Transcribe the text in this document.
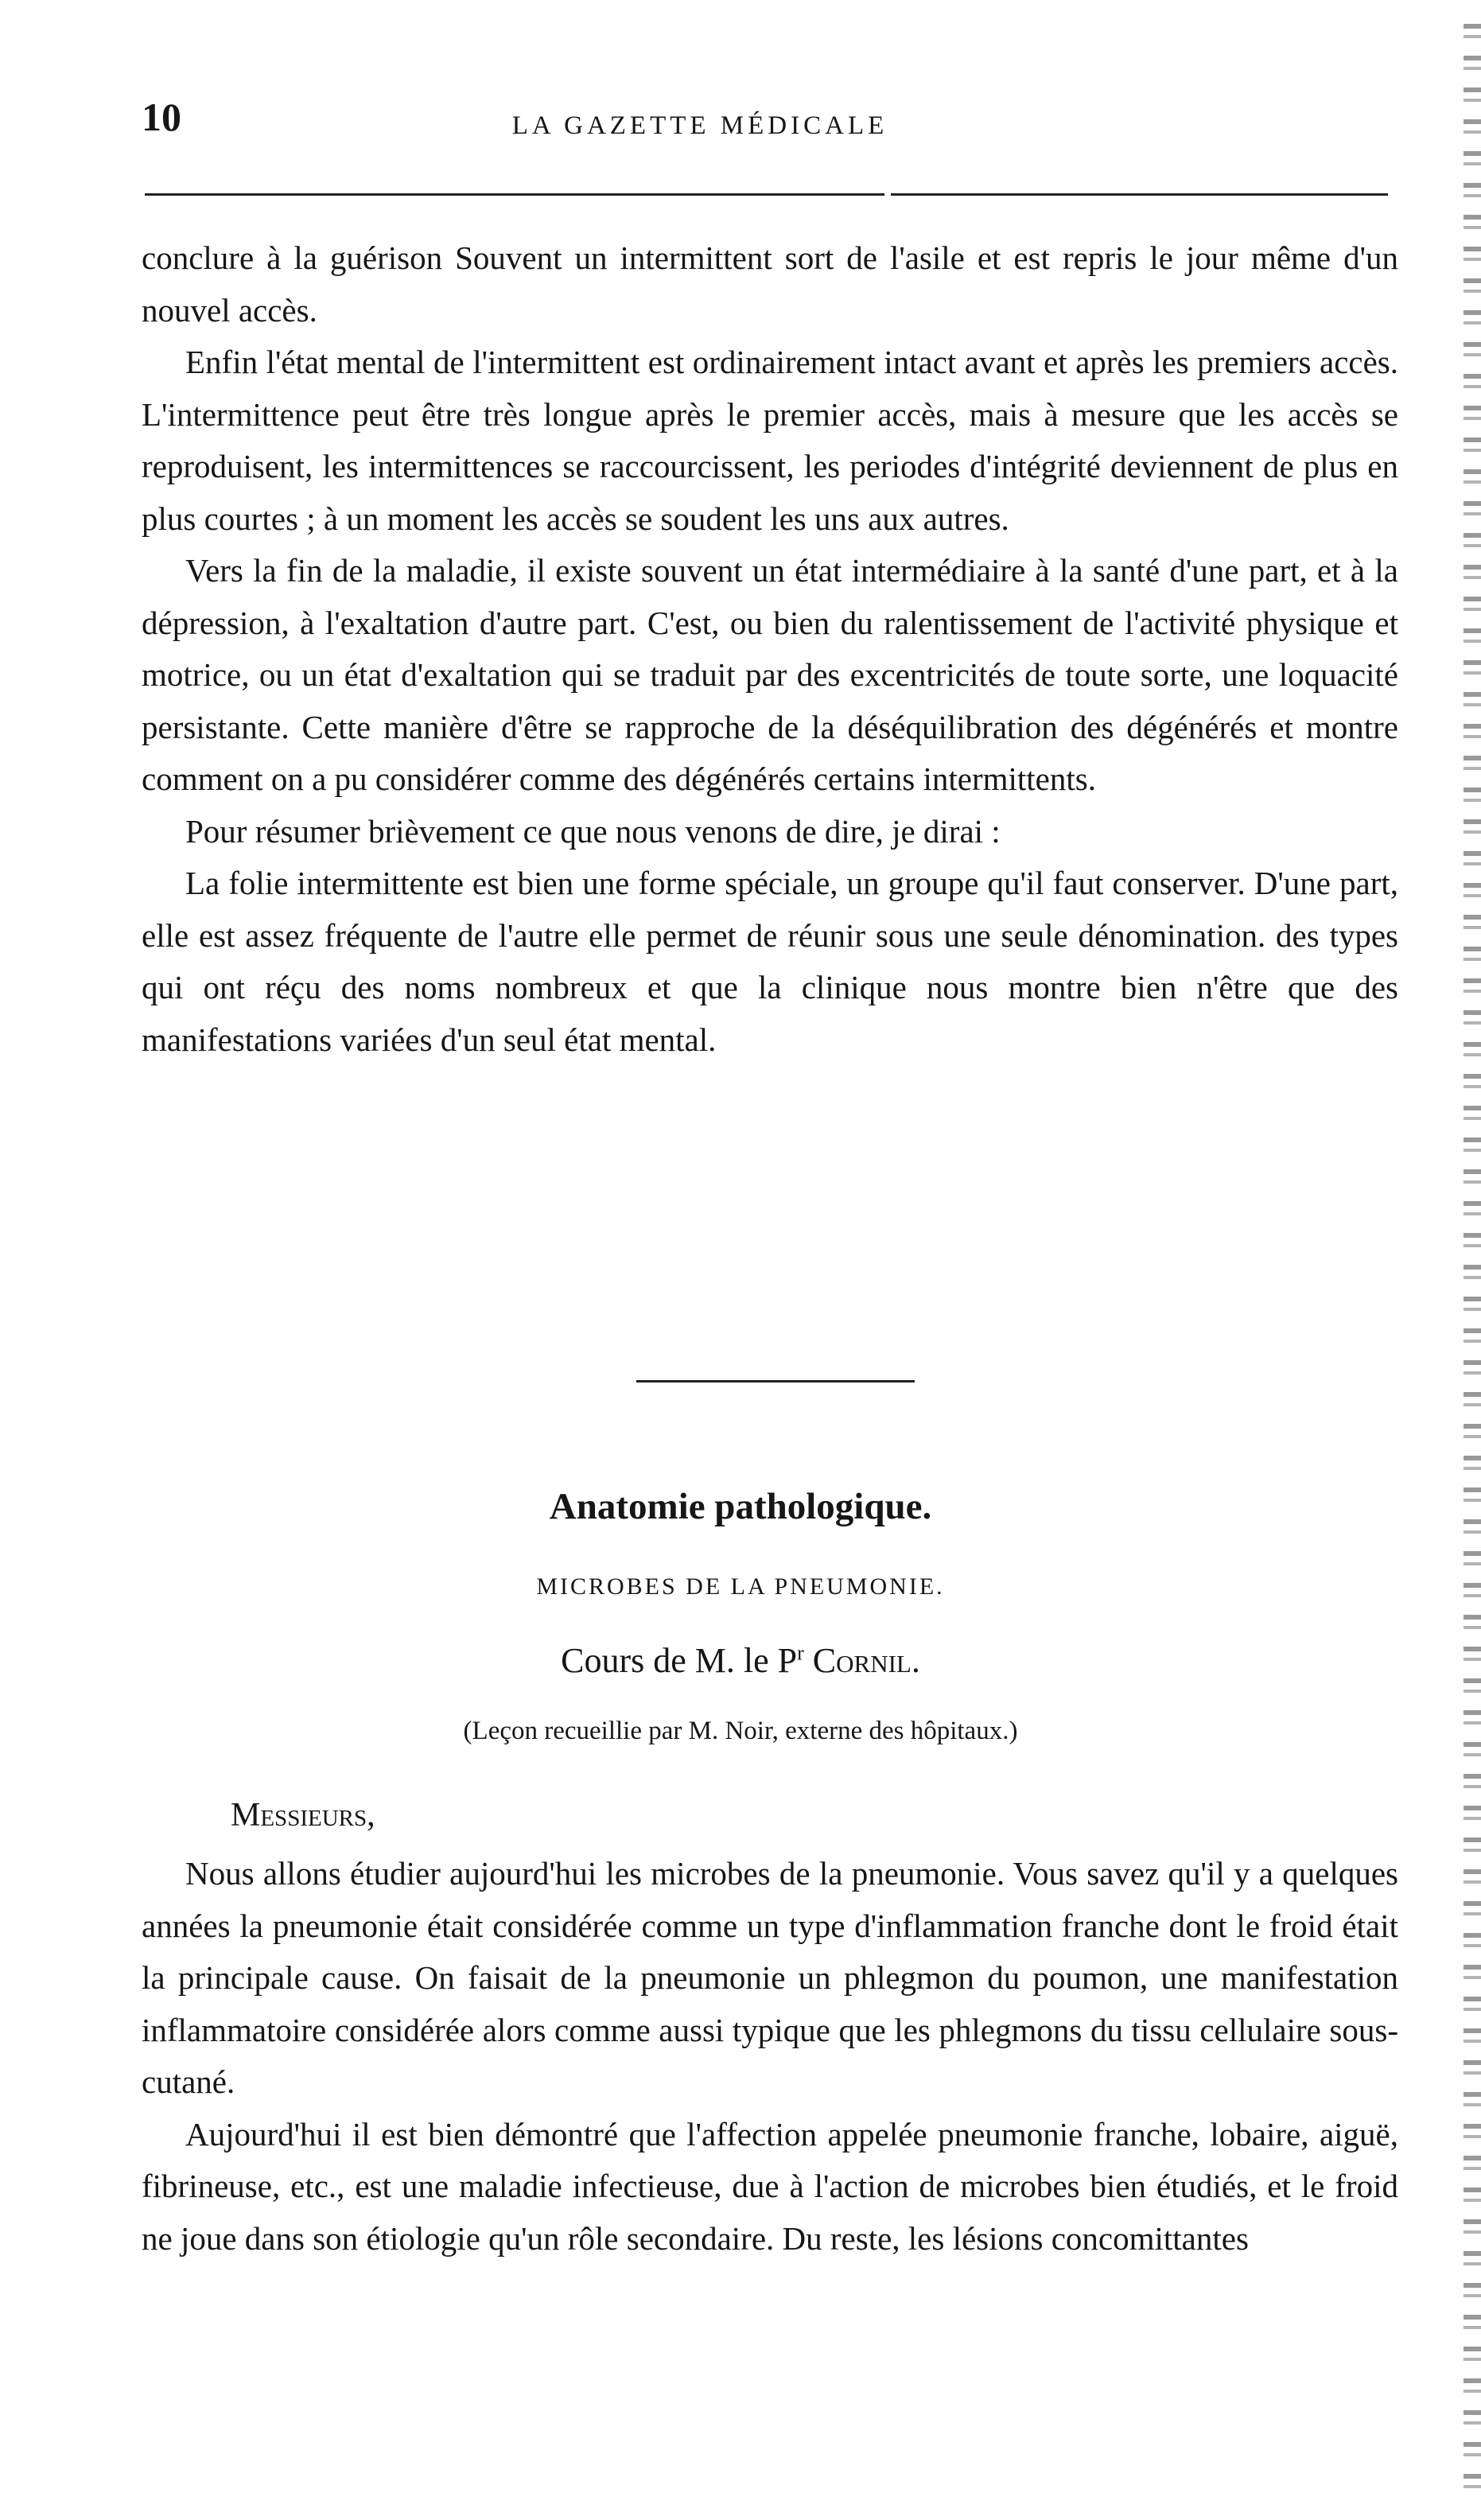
10	LA GAZETTE MÉDICALE

conclure à la guérison Souvent un intermittent sort de l'asile et est repris le jour même d'un nouvel accès.

Enfin l'état mental de l'intermittent est ordinairement intact avant et après les premiers accès. L'intermittence peut être très longue après le premier accès, mais à mesure que les accès se reproduisent, les intermittences se raccourcissent, les periodes d'intégrité deviennent de plus en plus courtes ; à un moment les accès se soudent les uns aux autres.

Vers la fin de la maladie, il existe souvent un état intermédiaire à la santé d'une part, et à la dépression, à l'exaltation d'autre part. C'est, ou bien du ralentissement de l'activité physique et motrice, ou un état d'exaltation qui se traduit par des excentricités de toute sorte, une loquacité persistante. Cette manière d'être se rapproche de la déséquilibration des dégénérés et montre comment on a pu considérer comme des dégénérés certains intermittents.

Pour résumer brièvement ce que nous venons de dire, je dirai :

La folie intermittente est bien une forme spéciale, un groupe qu'il faut conserver. D'une part, elle est assez fréquente de l'autre elle permet de réunir sous une seule dénomination. des types qui ont réçu des noms nombreux et que la clinique nous montre bien n'être que des manifestations variées d'un seul état mental.

Anatomie pathologique.
MICROBES DE LA PNEUMONIE.
Cours de M. le $P^r$ Cornil.
(Leçon recueillie par M. Noir, externe des hôpitaux.)
Messieurs,

Nous allons étudier aujourd'hui les microbes de la pneumonie. Vous savez qu'il y a quelques années la pneumonie était considérée comme un type d'inflammation franche dont le froid était la principale cause. On faisait de la pneumonie un phlegmon du poumon, une manifestation inflammatoire considérée alors comme aussi typique que les phlegmons du tissu cellulaire sous-cutané.

Aujourd'hui il est bien démontré que l'affection appelée pneumonie franche, lobaire, aiguë, fibrineuse, etc., est une maladie infectieuse, due à l'action de microbes bien étudiés, et le froid ne joue dans son étiologie qu'un rôle secondaire. Du reste, les lésions concomittantes
